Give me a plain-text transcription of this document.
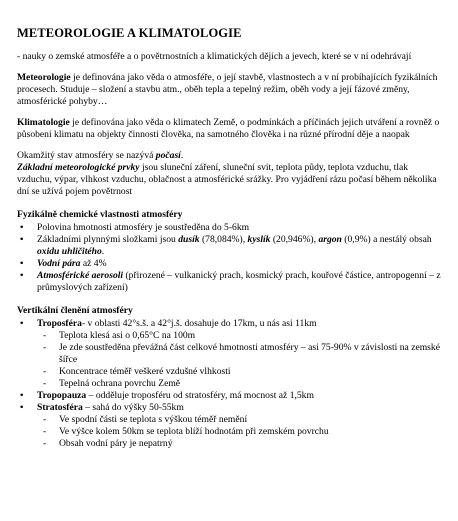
METEOROLOGIE A KLIMATOLOGIE

- nauky o zemské atmosféře a o povětrnostních a klimatických dějích a jevech, které se v ní odehrávají

Meteorologie je definována jako věda o atmosféře, o její stavbě, vlastnostech a v ní probíhajících fyzikálních procesech. Studuje – složení a stavbu atm., oběh tepla a tepelný režim, oběh vody a její fázové změny, atmosférické pohyby…

Klimatologie je definována jako věda o klimatech Země, o podmínkách a příčinách jejich utváření a rovněž o působení klimatu na objekty činnosti člověka, na samotného člověka i na různé přírodní děje a naopak

Okamžitý stav atmosféry se nazývá počasí.

Základní meteorologické prvky jsou sluneční záření, sluneční svit, teplota půdy, teplota vzduchu, tlak vzduchu, výpar, vlhkost vzduchu, oblačnost a atmosférické srážky. Pro vyjádření rázu počasí během několika dní se užívá pojem povětrnost

Fyzikálně chemické vlastnosti atmosféry

• Polovina hmotnosti atmosféry je soustředěna do 5-6km
• Základními plynnými složkami jsou dusík (78,084%), kyslík (20,946%), argon (0,9%) a nestálý obsah oxidu uhličitého.
• Vodní pára až 4%
• Atmosférické aerosoli (přirozené – vulkanický prach, kosmický prach, kouřové částice, antropogenní – z průmyslových zařízení)

Vertikální členění atmosféry

• Troposféra- v oblasti 42°s.š. a 42°j.š. dosahuje do 17km, u nás asi 11km
- Teplota klesá asi o 0,65°C na 100m
- Je zde soustředěna převážná část celkové hmotnosti atmosféry – asi 75-90% v závislosti na zemské šířce
- Koncentrace téměř veškeré vzdušné vlhkosti
- Tepelná ochrana povrchu Země
• Tropopauza – odděluje troposféru od stratosféry, má mocnost až 1,5km
• Stratosféra – sahá do výšky 50-55km
- Ve spodní části se teplota s výškou téměř nemění
- Ve výšce kolem 50km se teplota blíží hodnotám při zemském povrchu
- Obsah vodní páry je nepatrný
